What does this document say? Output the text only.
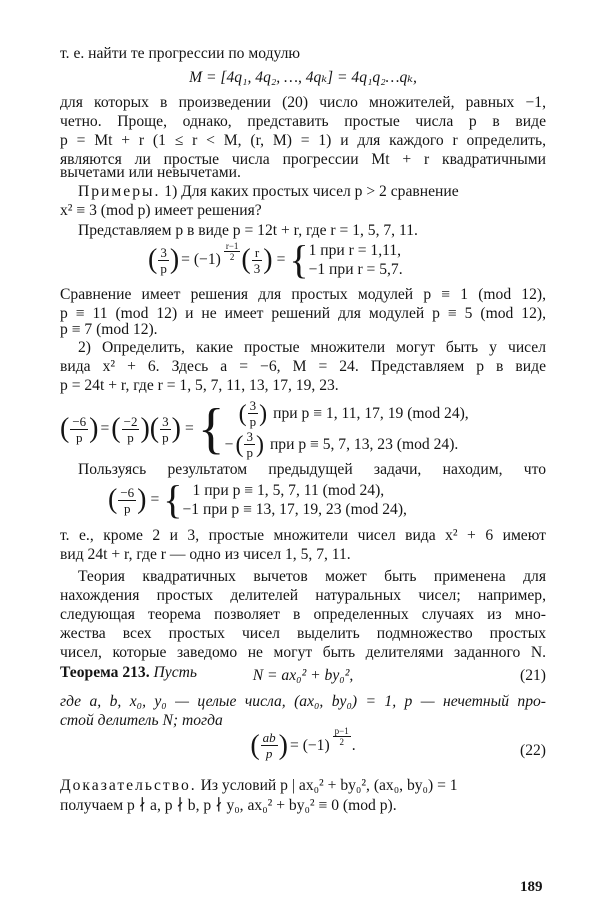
т. е. найти те прогрессии по модулю
M = [4q₁, 4q₂, …, 4qₖ] = 4q₁q₂…qₖ,
для которых в произведении (20) число множителей, равных −1,
четно. Проще, однако, представить простые числа p в виде
p = Mt + r (1 ≤ r < M, (r, M) = 1) и для каждого r определить,
являются ли простые числа прогрессии Mt + r квадратичными
вычетами или невычетами.
Примеры. 1) Для каких простых чисел p > 2 сравнение
x² ≡ 3 (mod p) имеет решения?
Представляем p в виде p = 12t + r, где r = 1, 5, 7, 11.
( $\frac{3}{p}$ ) = $(-1) \frac{r-1}{2}$ ( $\frac{r}{3}$ ) = { 1 при r = 1,11,
−1 при r = 5,7.
Сравнение имеет решения для простых модулей p ≡ 1 (mod 12),
p ≡ 11 (mod 12) и не имеет решений для модулей p ≡ 5 (mod 12),
p ≡ 7 (mod 12).
2) Определить, какие простые множители могут быть у чисел
вида x² + 6. Здесь a = −6, M = 24. Представляем p в виде
p = 24t + r, где r = 1, 5, 7, 11, 13, 17, 19, 23.
( $\frac{-6}{p}$ ) = ( $\frac{-2}{p}$ ) ( $\frac{3}{p}$ ) = { ( $\frac{3}{p}$ ) при p ≡ 1, 11, 17, 19 (mod 24),
− ( $\frac{3}{p}$ ) при p ≡ 5, 7, 13, 23 (mod 24).
Пользуясь результатом предыдущей задачи, находим, что
( $\frac{-6}{p}$ ) = { 1 при p ≡ 1, 5, 7, 11 (mod 24),
−1 при p ≡ 13, 17, 19, 23 (mod 24),
т. е., кроме 2 и 3, простые множители чисел вида x² + 6 имеют
вид 24t + r, где r — одно из чисел 1, 5, 7, 11.
Теория квадратичных вычетов может быть применена для
нахождения простых делителей натуральных чисел; например,
следующая теорема позволяет в определенных случаях из мно-
жества всех простых чисел выделить подмножество простых
чисел, которые заведомо не могут быть делителями заданного N.
Теорема 213. Пусть	N = ax₀² + by₀²,	(21)
где a, b, x₀, y₀ — целые числа, (ax₀, by₀) = 1, p — нечетный про-
стой делитель N; тогда
( $\frac{ab}{p}$ ) = $(-1) \frac{p-1}{2}$ .	(22)
Доказательство. Из условий p | ax₀² + by₀², (ax₀, by₀) = 1
получаем p ∤ a, p ∤ b, p ∤ y₀, ax₀² + by₀² ≡ 0 (mod p).
189
